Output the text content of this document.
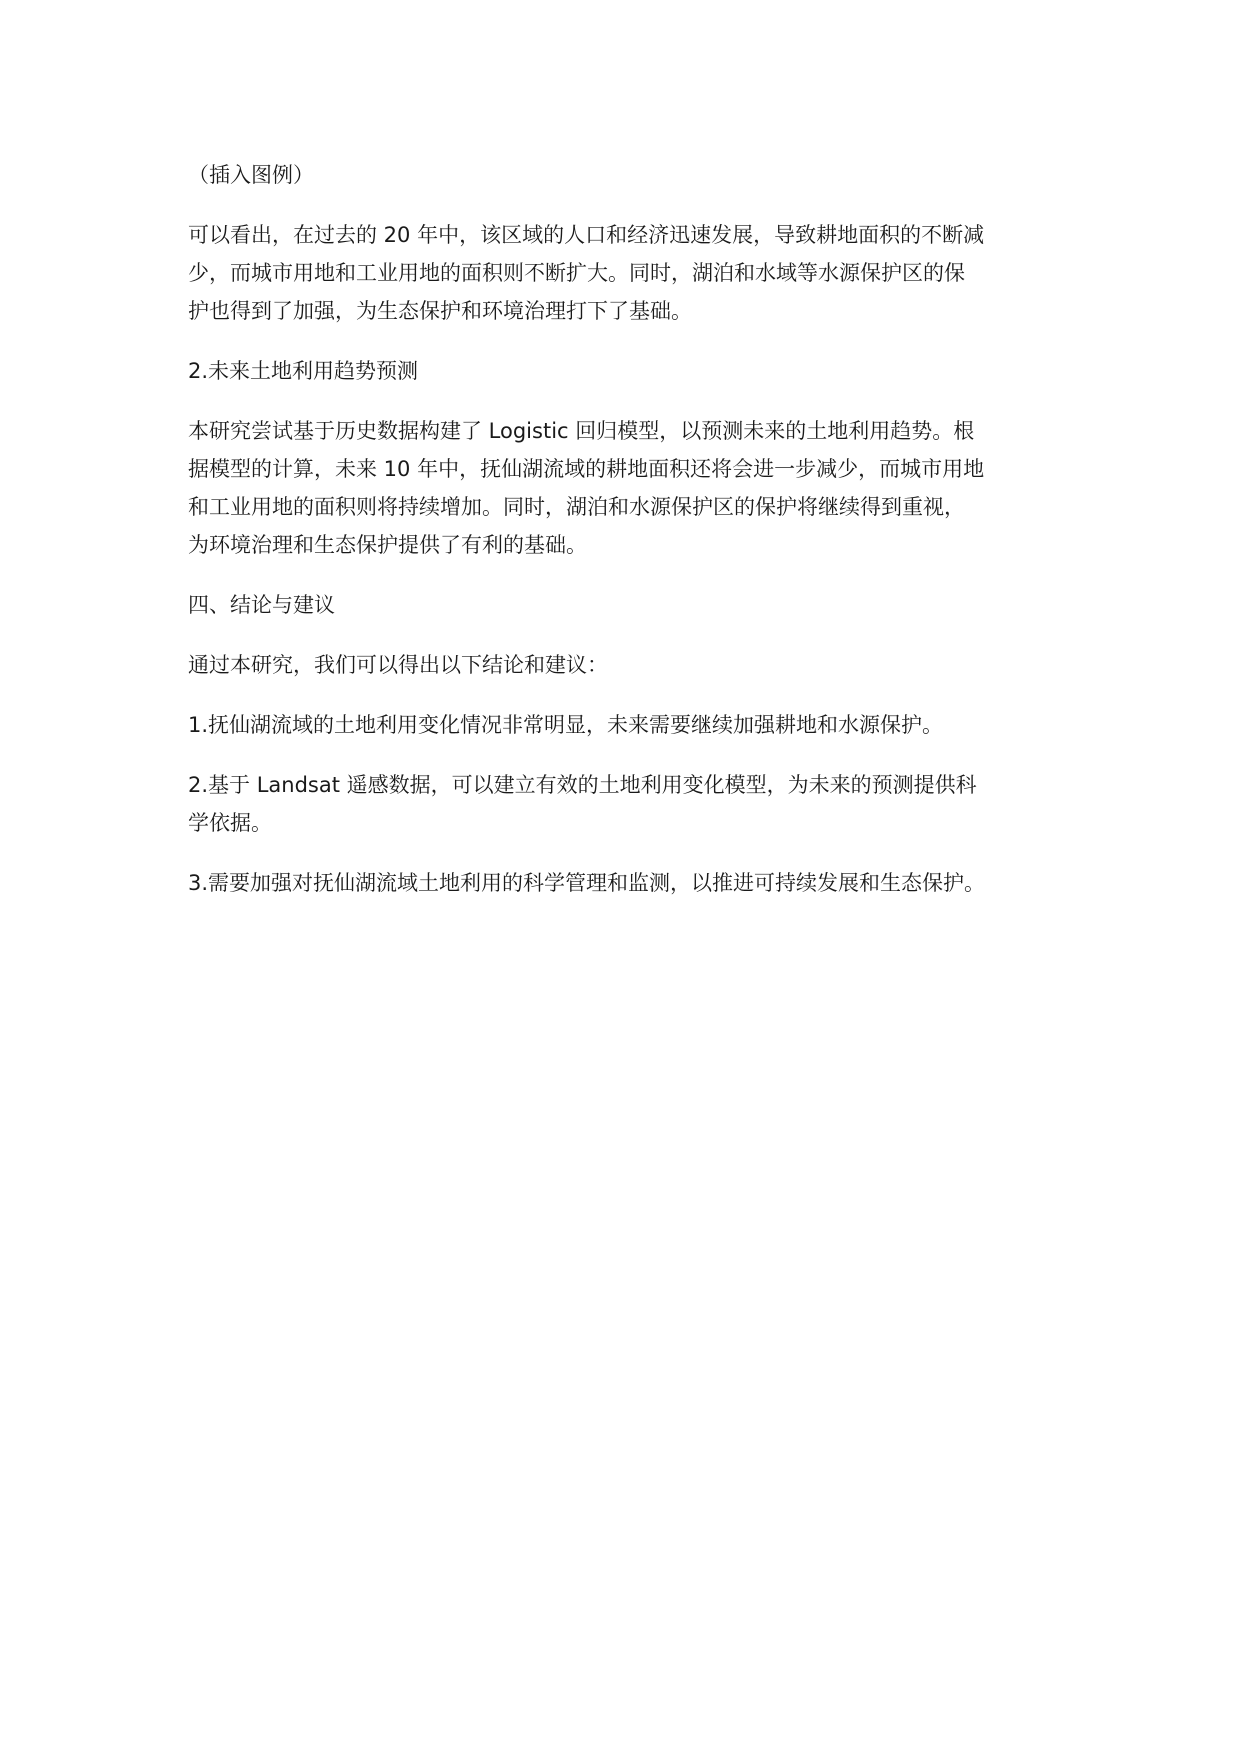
（插入图例）

可以看出，在过去的 20 年中，该区域的人口和经济迅速发展，导致耕地面积的不断减
少，而城市用地和工业用地的面积则不断扩大。同时，湖泊和水域等水源保护区的保
护也得到了加强，为生态保护和环境治理打下了基础。

2.未来土地利用趋势预测

本研究尝试基于历史数据构建了 Logistic 回归模型，以预测未来的土地利用趋势。根
据模型的计算，未来 10 年中，抚仙湖流域的耕地面积还将会进一步减少，而城市用地
和工业用地的面积则将持续增加。同时，湖泊和水源保护区的保护将继续得到重视，
为环境治理和生态保护提供了有利的基础。

四、结论与建议

通过本研究，我们可以得出以下结论和建议：

1.抚仙湖流域的土地利用变化情况非常明显，未来需要继续加强耕地和水源保护。

2.基于 Landsat 遥感数据，可以建立有效的土地利用变化模型，为未来的预测提供科
学依据。

3.需要加强对抚仙湖流域土地利用的科学管理和监测，以推进可持续发展和生态保护。
